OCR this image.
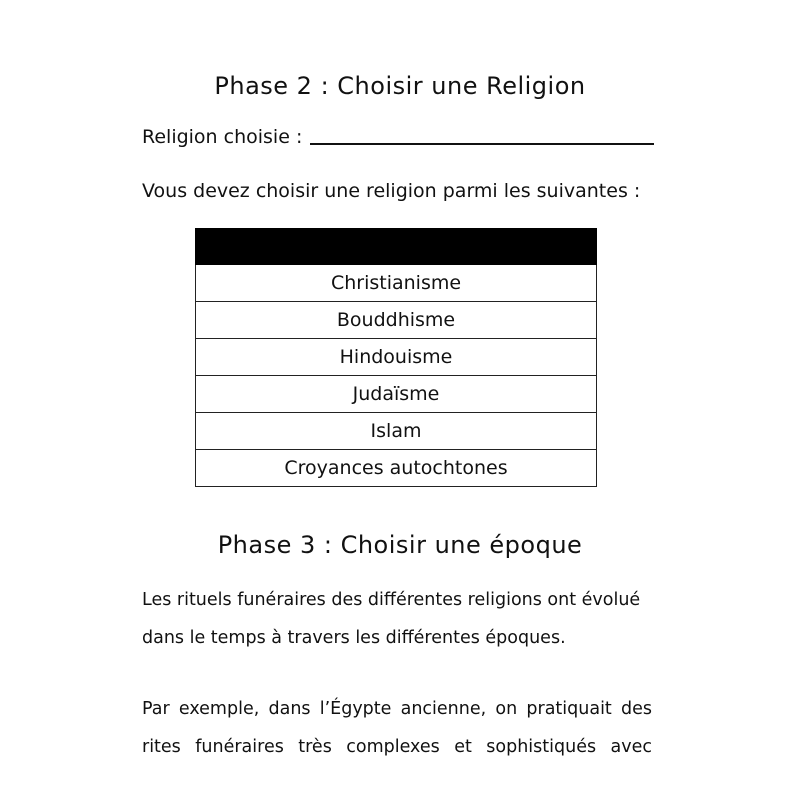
Phase 2 : Choisir une Religion
Religion choisie :
Vous devez choisir une religion parmi les suivantes :

Christianisme
Bouddhisme
Hindouisme
Judaïsme
Islam
Croyances autochtones
Phase 3 : Choisir une époque

Les rituels funéraires des différentes religions ont évolué dans le temps à travers les différentes époques.

Par exemple, dans l’Égypte ancienne, on pratiquait des rites funéraires très complexes et sophistiqués avec
